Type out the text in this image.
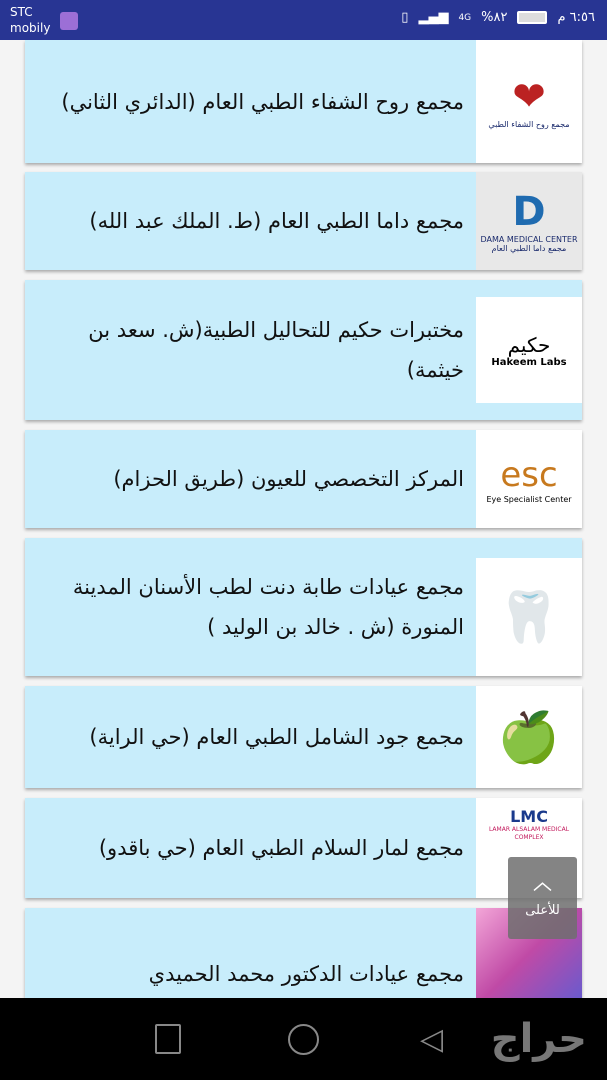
STC
mobily
▯ ▂▄▆ 4G %٨٢	٦:٥٦ م
❤
مجمع روح الشفاء الطبي
مجمع روح الشفاء الطبي العام (الدائري الثاني)
D
DAMA MEDICAL CENTER
مجمع داما الطبي العام
مجمع داما الطبي العام (ط. الملك عبد الله)
حكيم
Hakeem Labs
مختبرات حكيم للتحاليل الطبية(ش. سعد بن خيثمة)
esc
Eye Specialist Center
المركز التخصصي للعيون (طريق الحزام)
🦷
مجمع عيادات طابة دنت لطب الأسنان المدينة المنورة (ش . خالد بن الوليد )
🍏
مجمع جود الشامل الطبي العام (حي الراية)
LMC
LAMAR ALSALAM MEDICAL COMPLEX
مجمع لمار السلام الطبي العام (حي باقدو)
مجمع عيادات الدكتور محمد الحميدي
︿
للأعلى
◁ حراج
